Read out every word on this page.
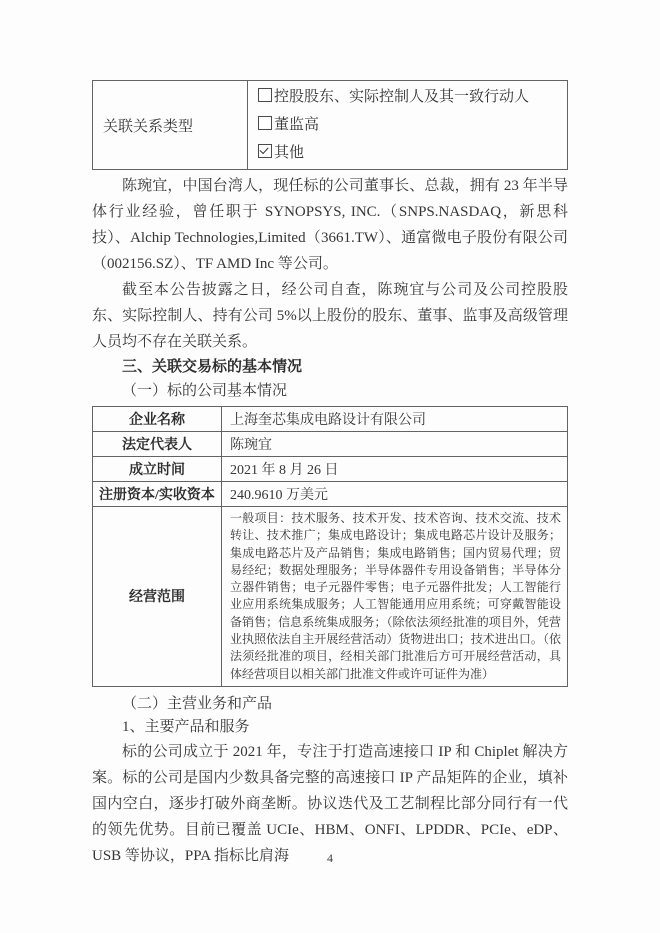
关联关系类型	
控股股东、实际控制人及其一致行动人
董监高
其他

陈琬宜，中国台湾人，现任标的公司董事长、总裁，拥有 23 年半导体行业经验，曾任职于 SYNOPSYS, INC.（SNPS.NASDAQ，新思科技）、Alchip Technologies,Limited（3661.TW）、通富微电子股份有限公司（002156.SZ）、TF AMD Inc 等公司。

截至本公告披露之日，经公司自查，陈琬宜与公司及公司控股股东、实际控制人、持有公司 5%以上股份的股东、董事、监事及高级管理人员均不存在关联关系。

三、关联交易标的基本情况

（一）标的公司基本情况

企业名称	上海奎芯集成电路设计有限公司
法定代表人	陈琬宜
成立时间	2021 年 8 月 26 日
注册资本/实收资本	240.9610 万美元
经营范围	一般项目：技术服务、技术开发、技术咨询、技术交流、技术转让、技术推广；集成电路设计；集成电路芯片设计及服务；集成电路芯片及产品销售；集成电路销售；国内贸易代理；贸易经纪；数据处理服务；半导体器件专用设备销售；半导体分立器件销售；电子元器件零售；电子元器件批发；人工智能行业应用系统集成服务；人工智能通用应用系统；可穿戴智能设备销售；信息系统集成服务；（除依法须经批准的项目外，凭营业执照依法自主开展经营活动）货物进出口；技术进出口。（依法须经批准的项目，经相关部门批准后方可开展经营活动，具体经营项目以相关部门批准文件或许可证件为准）

（二）主营业务和产品

1、主要产品和服务

标的公司成立于 2021 年，专注于打造高速接口 IP 和 Chiplet 解决方案。标的公司是国内少数具备完整的高速接口 IP 产品矩阵的企业，填补国内空白，逐步打破外商垄断。协议迭代及工艺制程比部分同行有一代的领先优势。目前已覆盖 UCIe、HBM、ONFI、LPDDR、PCIe、eDP、USB 等协议，PPA 指标比肩海	4
